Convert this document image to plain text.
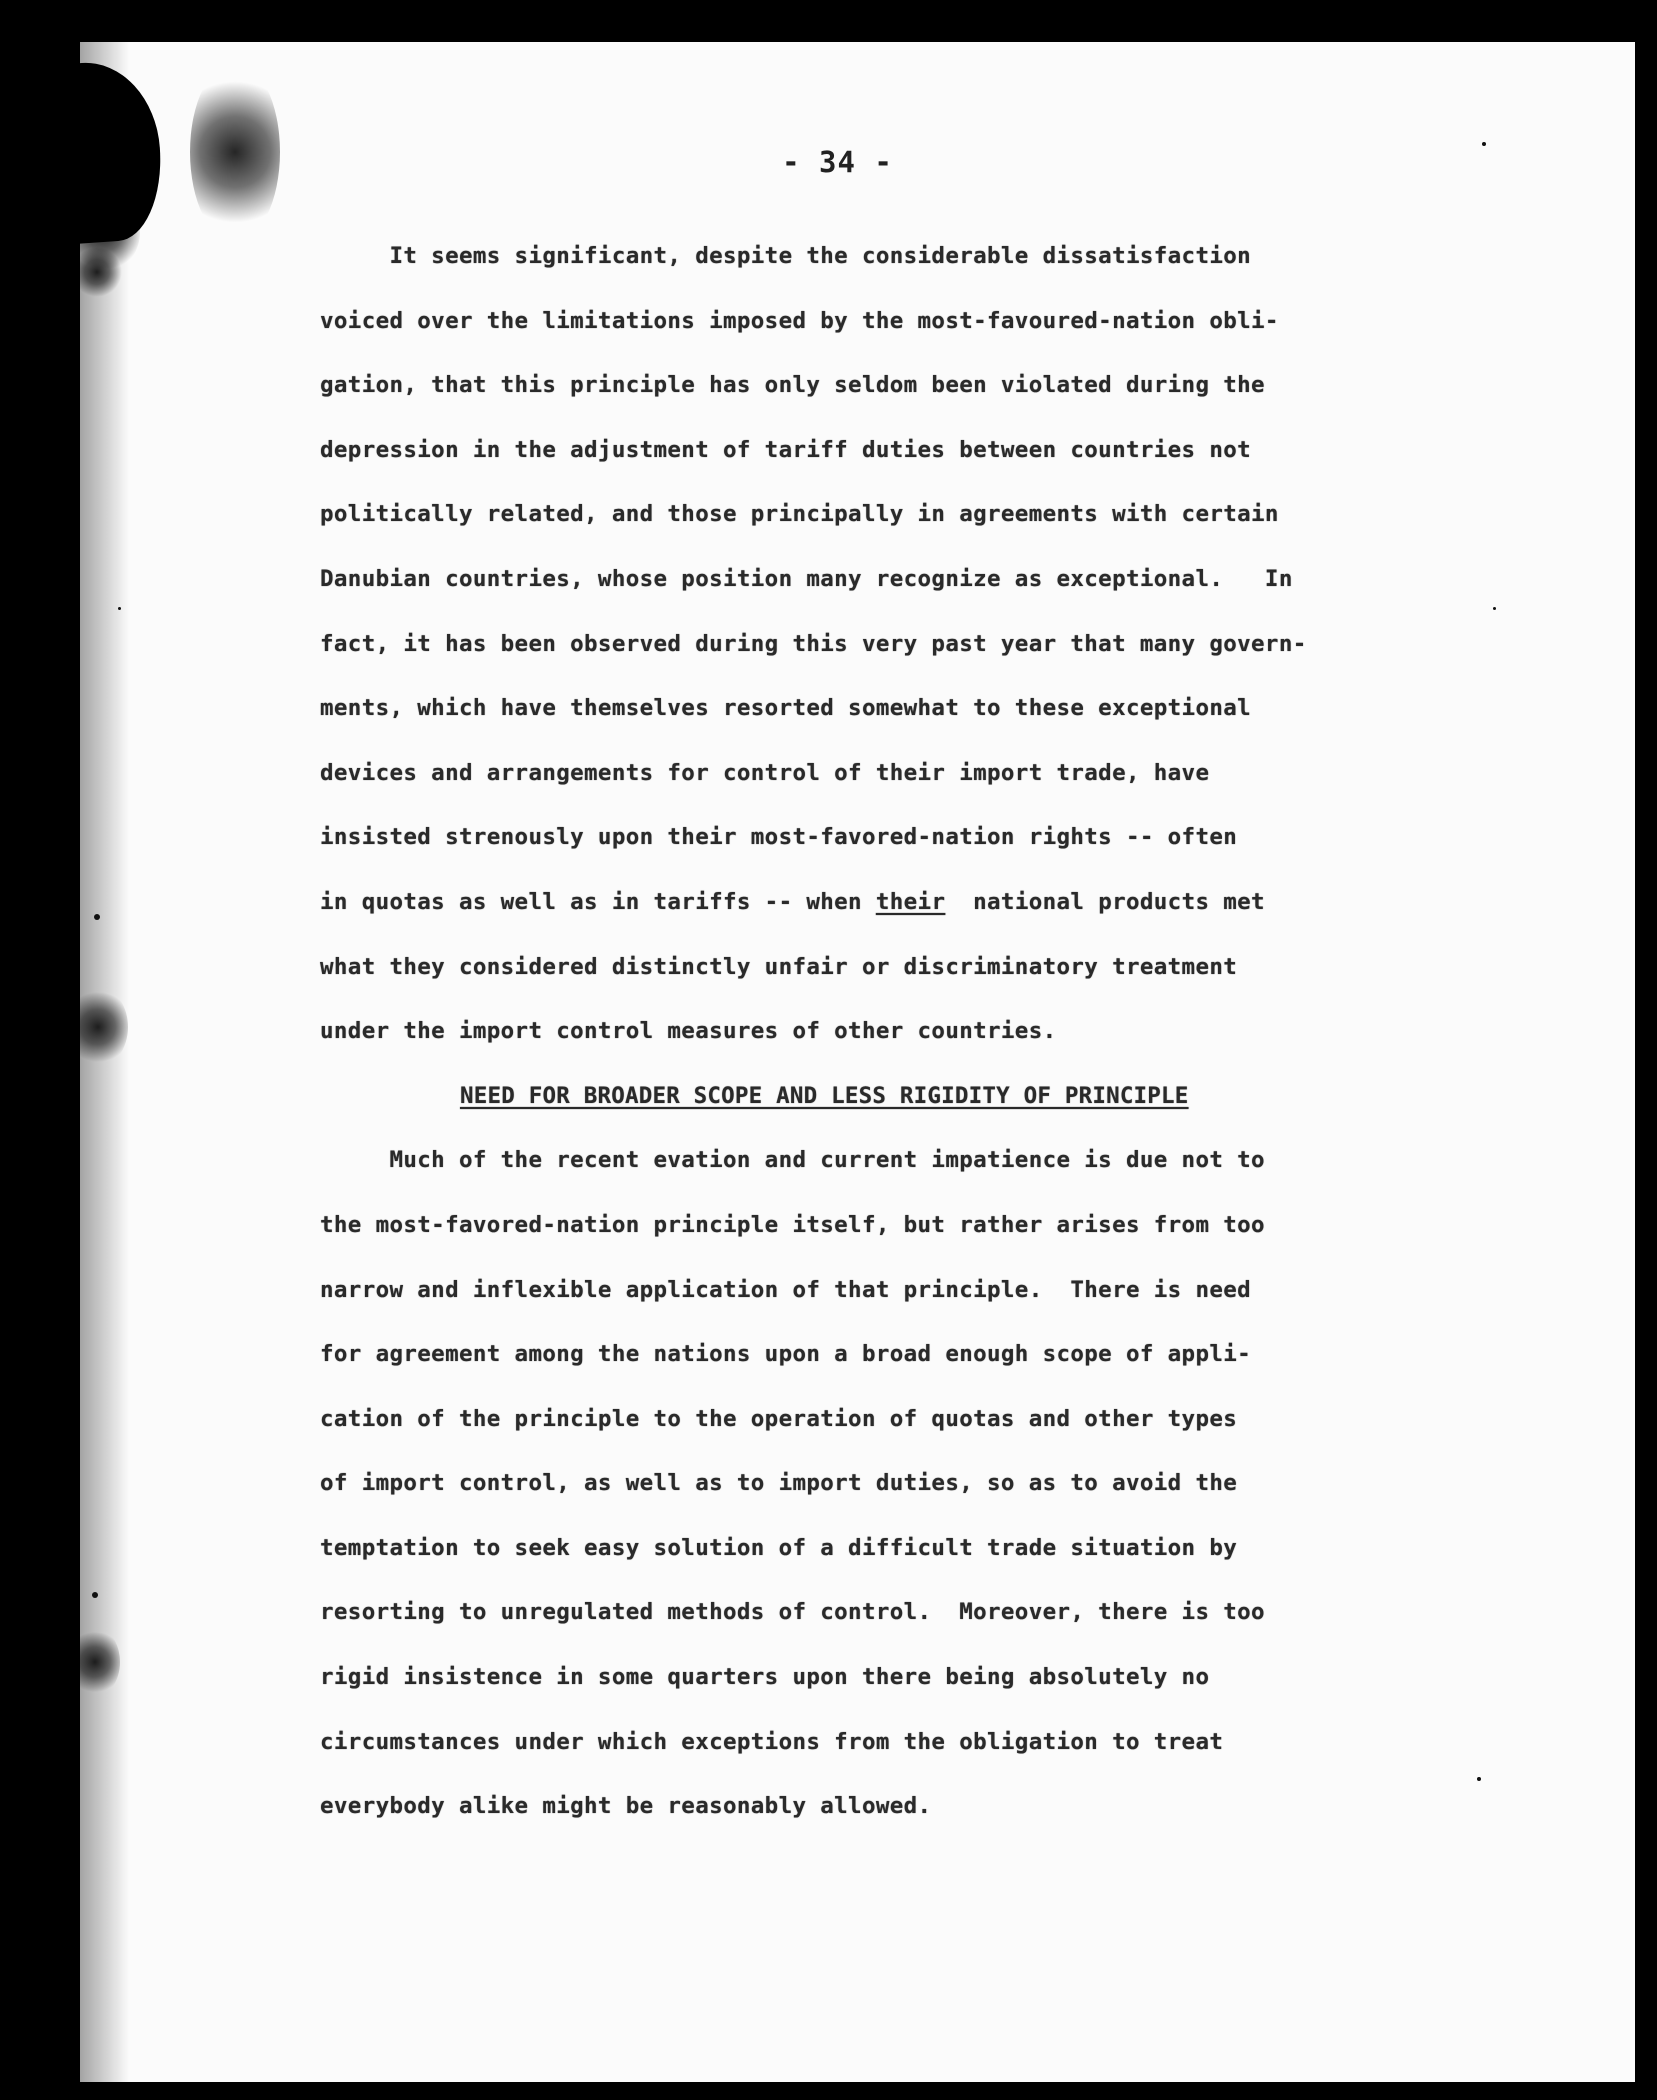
- 34 -
It seems significant, despite the considerable dissatisfaction
voiced over the limitations imposed by the most-favoured-nation obli-
gation, that this principle has only seldom been violated during the
depression in the adjustment of tariff duties between countries not
politically related, and those principally in agreements with certain
Danubian countries, whose position many recognize as exceptional.   In
fact, it has been observed during this very past year that many govern-
ments, which have themselves resorted somewhat to these exceptional
devices and arrangements for control of their import trade, have
insisted strenously upon their most-favored-nation rights -- often
in quotas as well as in tariffs -- when their  national products met
what they considered distinctly unfair or discriminatory treatment
under the import control measures of other countries.
NEED FOR BROADER SCOPE AND LESS RIGIDITY OF PRINCIPLE
Much of the recent evation and current impatience is due not to
the most-favored-nation principle itself, but rather arises from too
narrow and inflexible application of that principle.  There is need
for agreement among the nations upon a broad enough scope of appli-
cation of the principle to the operation of quotas and other types
of import control, as well as to import duties, so as to avoid the
temptation to seek easy solution of a difficult trade situation by
resorting to unregulated methods of control.  Moreover, there is too
rigid insistence in some quarters upon there being absolutely no
circumstances under which exceptions from the obligation to treat
everybody alike might be reasonably allowed.
